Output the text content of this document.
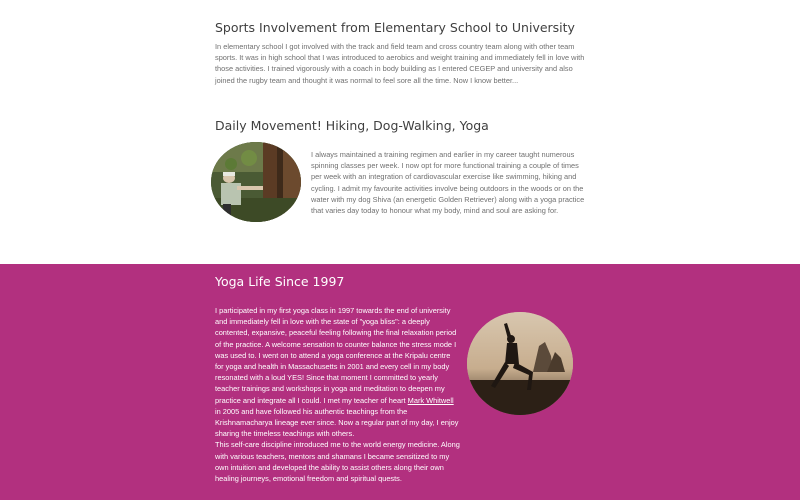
Sports Involvement from Elementary School to University

In elementary school I got involved with the track and field team and cross country team along with other team sports. It was in high school that I was introduced to aerobics and weight training and immediately fell in love with those activities. I trained vigorously with a coach in body building as I entered CEGEP and university and also joined the rugby team and thought it was normal to feel sore all the time. Now I know better...

Daily Movement! Hiking, Dog-Walking, Yoga

I always maintained a training regimen and earlier in my career taught numerous spinning classes per week. I now opt for more functional training a couple of times per week with an integration of cardiovascular exercise like swimming, hiking and cycling. I admit my favourite activities involve being outdoors in the woods or on the water with my dog Shiva (an energetic Golden Retriever) along with a yoga practice that varies day today to honour what my body, mind and soul are asking for.

Yoga Life Since 1997

I participated in my first yoga class in 1997 towards the end of university and immediately fell in love with the state of "yoga bliss": a deeply contented, expansive, peaceful feeling following the final relaxation period of the practice. A welcome sensation to counter balance the stress mode I was used to. I went on to attend a yoga conference at the Kripalu centre for yoga and health in Massachusetts in 2001 and every cell in my body resonated with a loud YES! Since that moment I committed to yearly teacher trainings and workshops in yoga and meditation to deepen my practice and integrate all I could. I met my teacher of heart Mark Whitwell in 2005 and have followed his authentic teachings from the Krishnamacharya lineage ever since. Now a regular part of my day, I enjoy sharing the timeless teachings with others.
This self-care discipline introduced me to the world energy medicine. Along with various teachers, mentors and shamans I became sensitized to my own intuition and developed the ability to assist others along their own healing journeys, emotional freedom and spiritual quests.
